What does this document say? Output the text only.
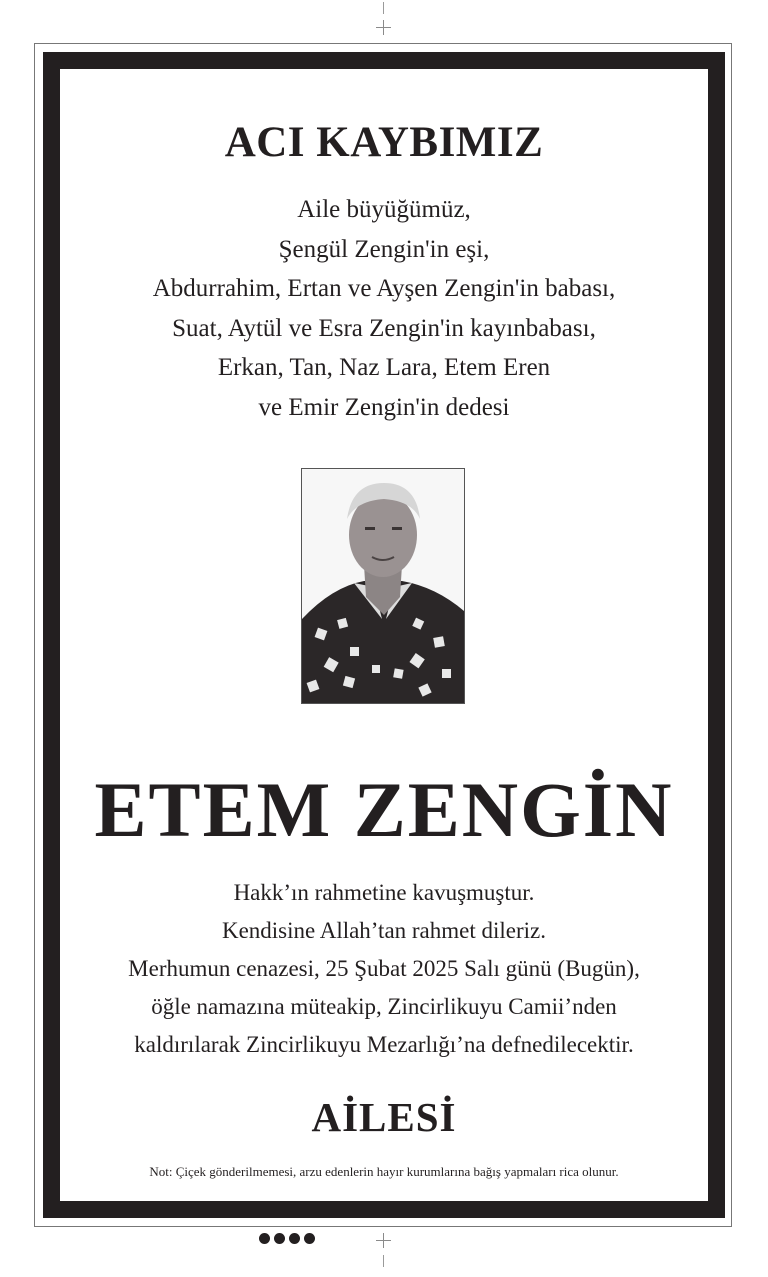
ACI KAYBIMIZ
Aile büyüğümüz,
Şengül Zengin'in eşi,
Abdurrahim, Ertan ve Ayşen Zengin'in babası,
Suat, Aytül ve Esra Zengin'in kayınbabası,
Erkan, Tan, Naz Lara, Etem Eren
ve Emir Zengin'in dedesi
ETEM ZENGİN
Hakk’ın rahmetine kavuşmuştur.
Kendisine Allah’tan rahmet dileriz.
Merhumun cenazesi, 25 Şubat 2025 Salı günü (Bugün),
öğle namazına müteakip, Zincirlikuyu Camii’nden
kaldırılarak Zincirlikuyu Mezarlığı’na defnedilecektir.
AİLESİ
Not: Çiçek gönderilmemesi, arzu edenlerin hayır kurumlarına bağış yapmaları rica olunur.
